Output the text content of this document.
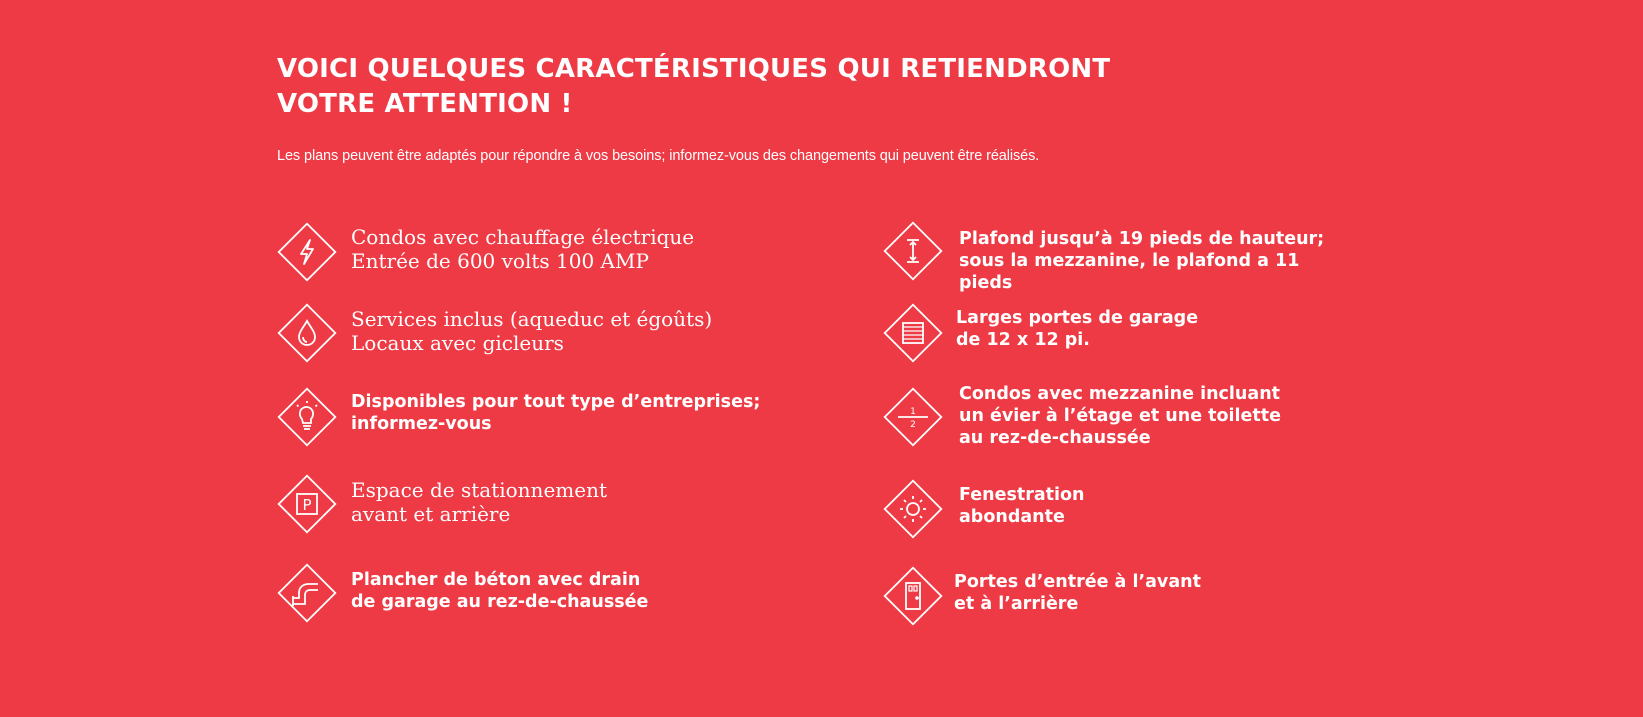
VOICI QUELQUES CARACTÉRISTIQUES QUI RETIENDRONT
VOTRE ATTENTION !

Les plans peuvent être adaptés pour répondre à vos besoins; informez-vous des changements qui peuvent être réalisés.

Condos avec chauffage électrique
Entrée de 600 volts 100 AMP
Services inclus (aqueduc et égoûts)
Locaux avec gicleurs
Disponibles pour tout type d’entreprises;
informez-vous
P
Espace de stationnement
avant et arrière
Plancher de béton avec drain
de garage au rez-de-chaussée
Plafond jusqu’à 19 pieds de hauteur;
sous la mezzanine, le plafond a 11
pieds
Larges portes de garage
de 12 x 12 pi.
1
2
Condos avec mezzanine incluant
un évier à l’étage et une toilette
au rez-de-chaussée
Fenestration
abondante
Portes d’entrée à l’avant
et à l’arrière
